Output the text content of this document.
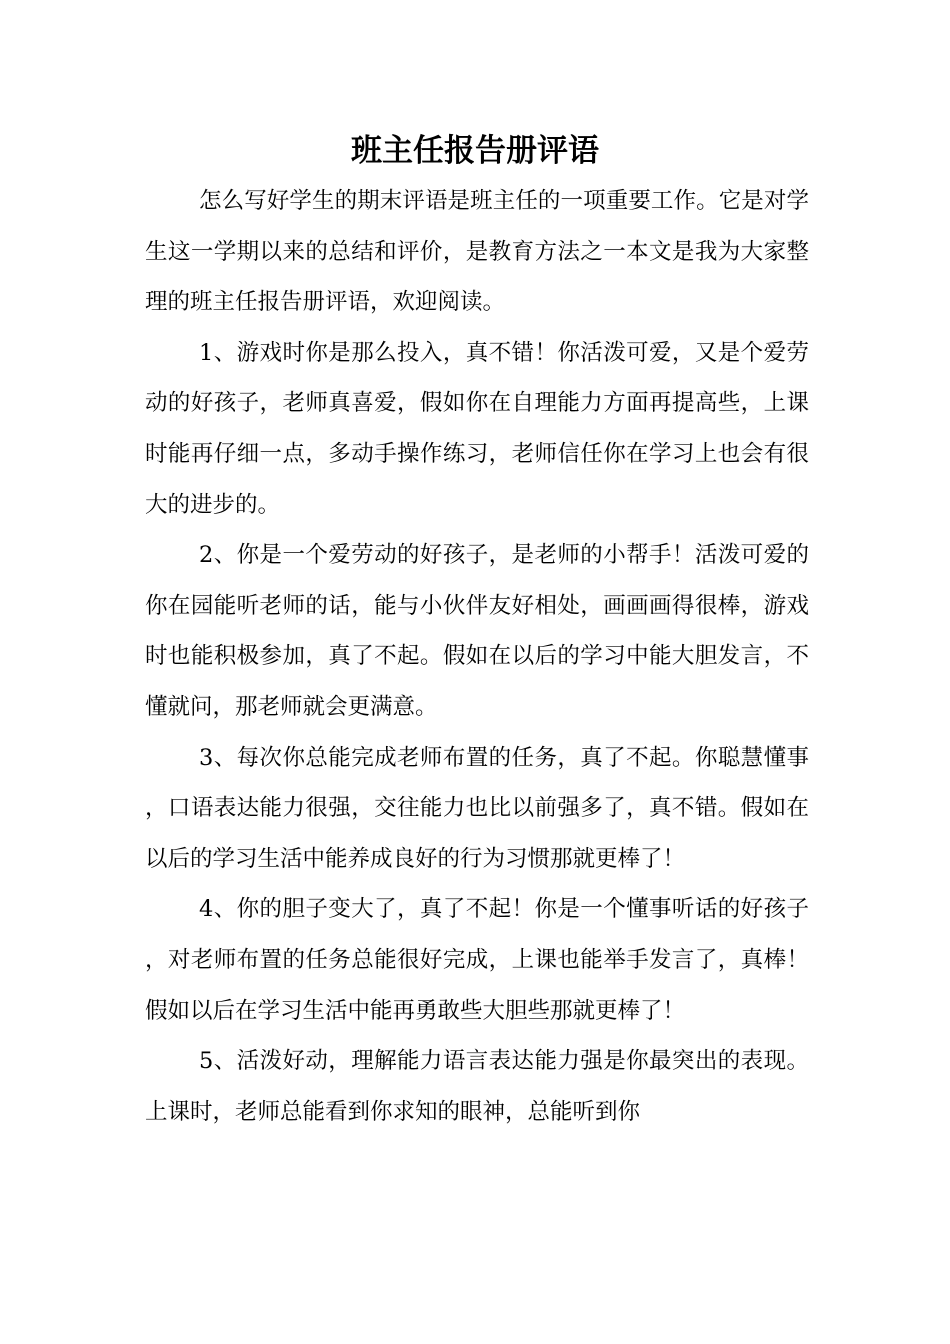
班主任报告册评语

怎么写好学生的期末评语是班主任的一项重要工作。它是对学生这一学期以来的总结和评价，是教育方法之一本文是我为大家整理的班主任报告册评语，欢迎阅读。

1、游戏时你是那么投入，真不错！你活泼可爱，又是个爱劳动的好孩子，老师真喜爱，假如你在自理能力方面再提高些，上课时能再仔细一点，多动手操作练习，老师信任你在学习上也会有很大的进步的。

2、你是一个爱劳动的好孩子，是老师的小帮手！活泼可爱的你在园能听老师的话，能与小伙伴友好相处，画画画得很棒，游戏时也能积极参加，真了不起。假如在以后的学习中能大胆发言，不懂就问，那老师就会更满意。

3、每次你总能完成老师布置的任务，真了不起。你聪慧懂事，口语表达能力很强，交往能力也比以前强多了，真不错。假如在以后的学习生活中能养成良好的行为习惯那就更棒了！

4、你的胆子变大了，真了不起！你是一个懂事听话的好孩子，对老师布置的任务总能很好完成，上课也能举手发言了，真棒！假如以后在学习生活中能再勇敢些大胆些那就更棒了！

5、活泼好动，理解能力语言表达能力强是你最突出的表现。上课时，老师总能看到你求知的眼神，总能听到你
